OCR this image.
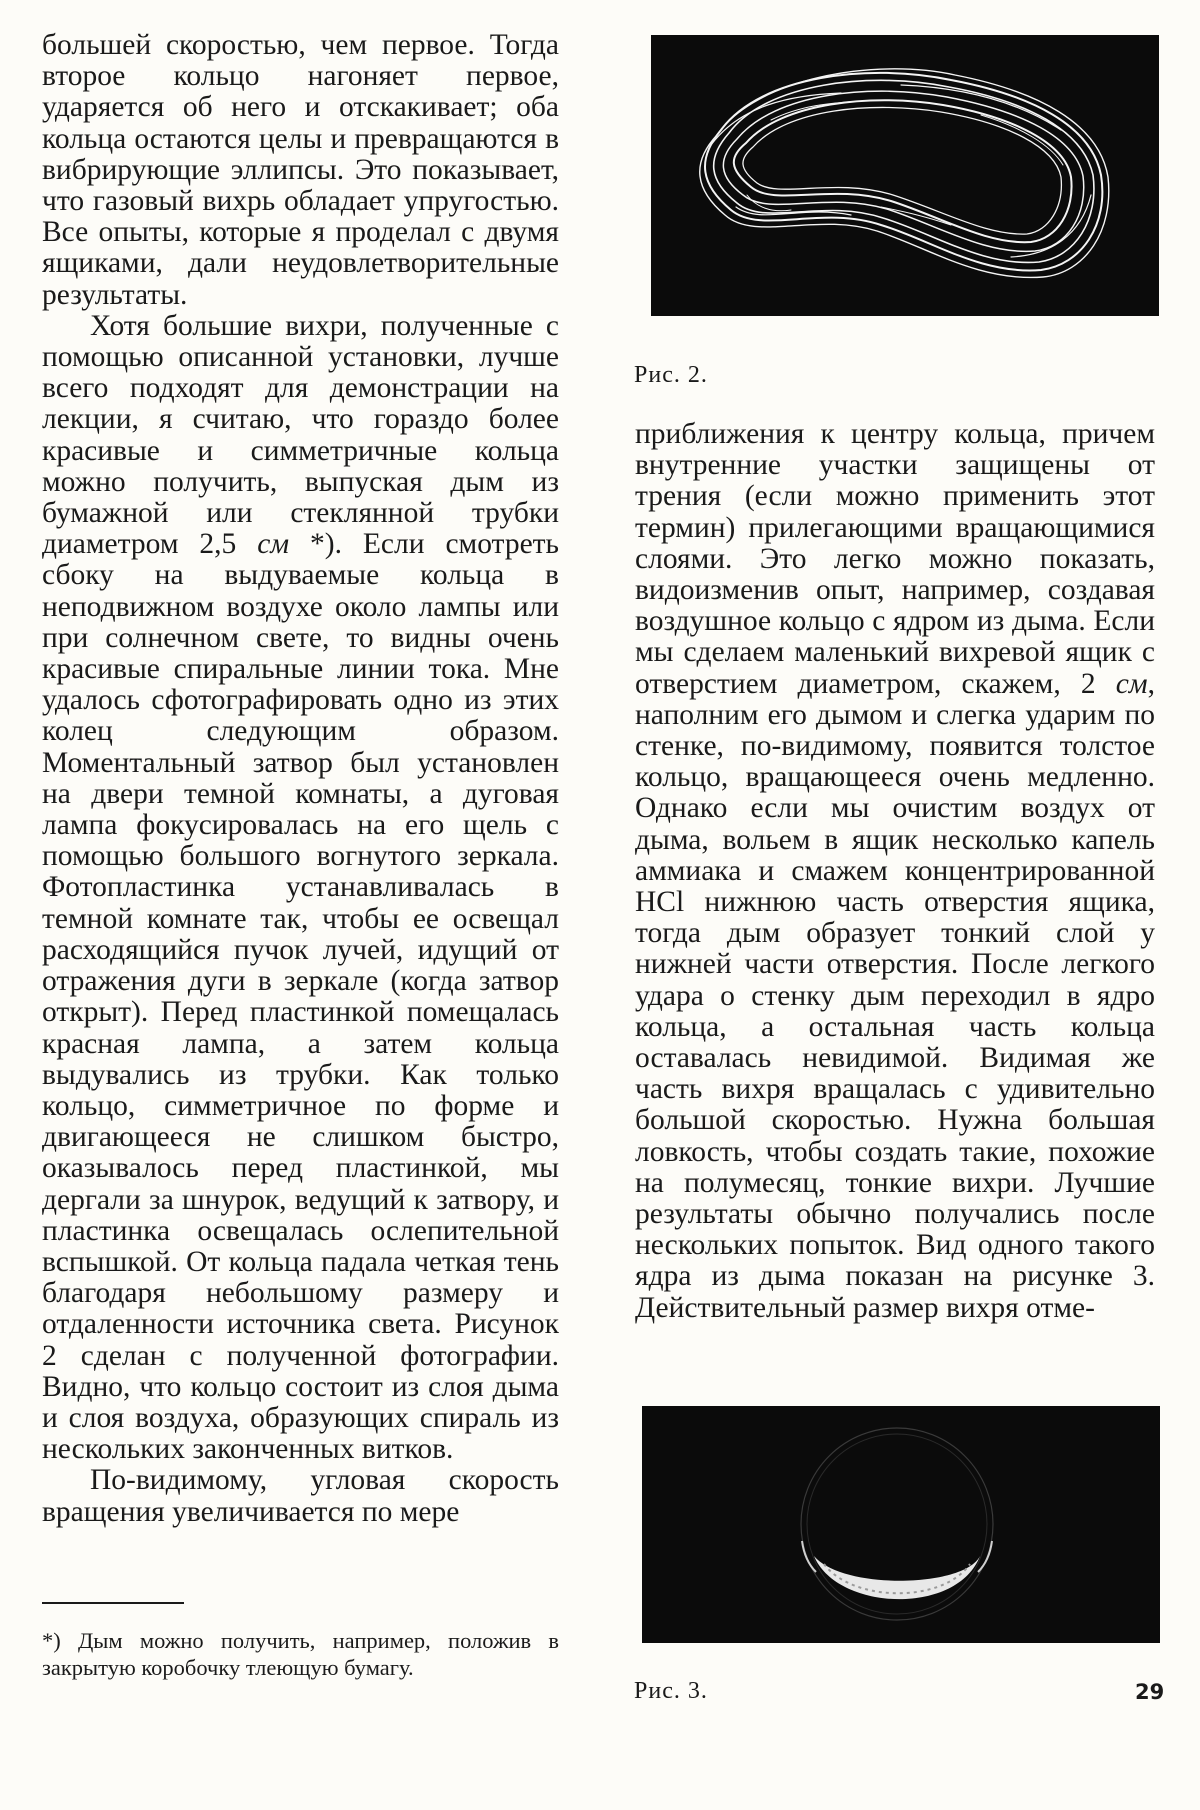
большей скоростью, чем первое. Тогда второе кольцо нагоняет первое, ударяется об него и отскакивает; оба кольца остаются целы и превращаются в вибрирующие эллипсы. Это показывает, что газовый вихрь обладает упругостью. Все опыты, которые я проделал с двумя ящиками, дали неудовлетворительные результаты.

Хотя большие вихри, полученные с помощью описанной установки, лучше всего подходят для демонстрации на лекции, я считаю, что гораздо более красивые и симметричные кольца можно получить, выпуская дым из бумажной или стеклянной трубки диаметром 2,5 см *). Если смотреть сбоку на выдуваемые кольца в неподвижном воздухе около лампы или при солнечном свете, то видны очень красивые спиральные линии тока. Мне удалось сфотографировать одно из этих колец следующим образом. Моментальный затвор был установлен на двери темной комнаты, а дуговая лампа фокусировалась на его щель с помощью большого вогнутого зеркала. Фотопластинка устанавливалась в темной комнате так, чтобы ее освещал расходящийся пучок лучей, идущий от отражения дуги в зеркале (когда затвор открыт). Перед пластинкой помещалась красная лампа, а затем кольца выдувались из трубки. Как только кольцо, симметричное по форме и двигающееся не слишком быстро, оказывалось перед пластинкой, мы дергали за шнурок, ведущий к затвору, и пластинка освещалась ослепительной вспышкой. От кольца падала четкая тень благодаря небольшому размеру и отдаленности источника света. Рисунок 2 сделан с полученной фотографии. Видно, что кольцо состоит из слоя дыма и слоя воздуха, образующих спираль из нескольких законченных витков.

По-видимому, угловая скорость вращения увеличивается по мере

Рис. 2.

приближения к центру кольца, причем внутренние участки защищены от трения (если можно применить этот термин) прилегающими вращающимися слоями. Это легко можно показать, видоизменив опыт, например, создавая воздушное кольцо с ядром из дыма. Если мы сделаем маленький вихревой ящик с отверстием диаметром, скажем, 2 см, наполним его дымом и слегка ударим по стенке, по-видимому, появится толстое кольцо, вращающееся очень медленно. Однако если мы очистим воздух от дыма, вольем в ящик несколько капель аммиака и смажем концентрированной HCl нижнюю часть отверстия ящика, тогда дым образует тонкий слой у нижней части отверстия. После легкого удара о стенку дым переходил в ядро кольца, а остальная часть кольца оставалась невидимой. Видимая же часть вихря вращалась с удивительно большой скоростью. Нужна большая ловкость, чтобы создать такие, похожие на полумесяц, тонкие вихри. Лучшие результаты обычно получались после нескольких попыток. Вид одного такого ядра из дыма показан на рисунке 3. Действительный размер вихря отме-

Рис. 3.
*) Дым можно получить, например, положив в закрытую коробочку тлеющую бумагу.
29
